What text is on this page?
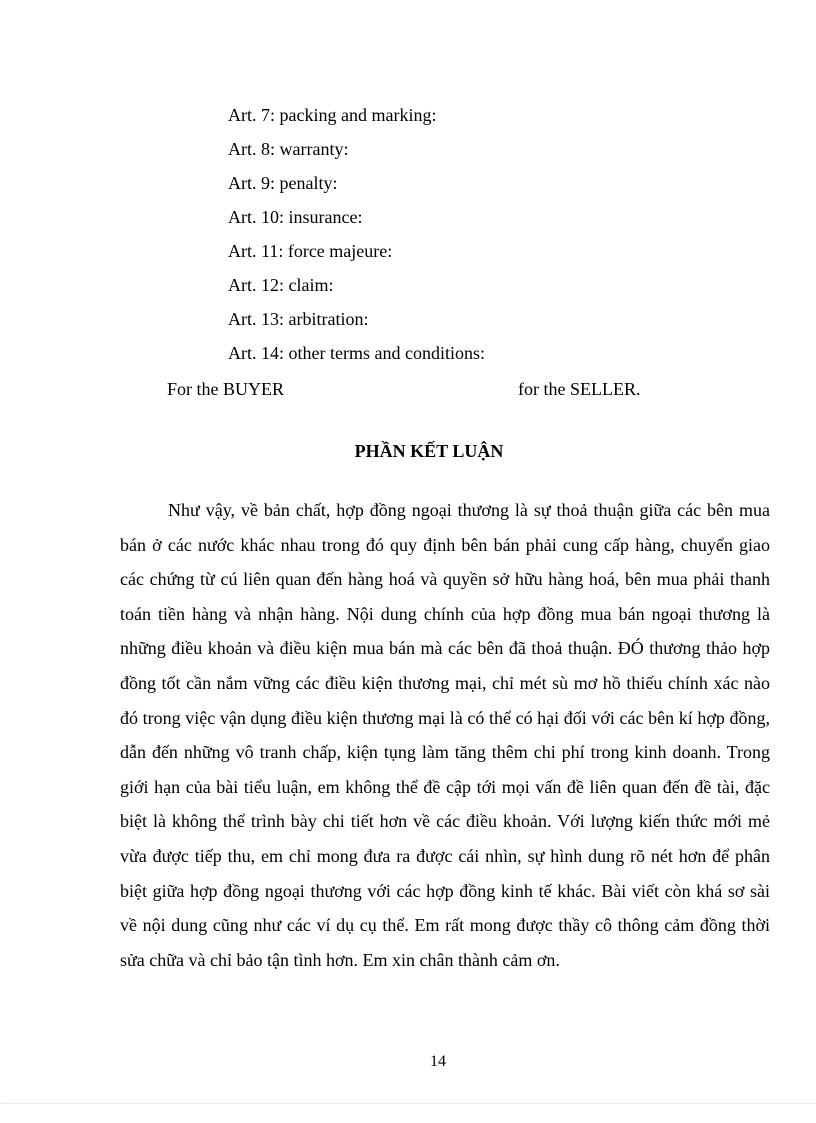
Art. 7: packing and marking:
Art. 8: warranty:
Art. 9: penalty:
Art. 10: insurance:
Art. 11: force majeure:
Art. 12: claim:
Art. 13: arbitration:
Art. 14: other terms and conditions:
For the BUYER	for the SELLER.
PHẦN KẾT LUẬN

Như vậy, về bản chất, hợp đồng ngoại thương là sự thoả thuận giữa các bên mua bán ở các nước khác nhau trong đó quy định bên bán phải cung cấp hàng, chuyển giao các chứng từ cú liên quan đến hàng hoá và quyền sở hữu hàng hoá, bên mua phải thanh toán tiền hàng và nhận hàng. Nội dung chính của hợp đồng mua bán ngoại thương là những điều khoản và điều kiện mua bán mà các bên đã thoả thuận. ĐÓ thương thảo hợp đồng tốt cần nắm vững các điều kiện thương mại, chỉ mét sù mơ hồ thiếu chính xác nào đó trong việc vận dụng điều kiện thương mại là có thể có hại đối với các bên kí hợp đồng, dẫn đến những vô tranh chấp, kiện tụng làm tăng thêm chi phí trong kinh doanh. Trong giới hạn của bài tiểu luận, em không thể đề cập tới mọi vấn đề liên quan đến đề tài, đặc biệt là không thể trình bày chi tiết hơn về các điều khoản. Với lượng kiến thức mới mẻ vừa được tiếp thu, em chỉ mong đưa ra được cái nhìn, sự hình dung rõ nét hơn để phân biệt giữa hợp đồng ngoại thương với các hợp đồng kinh tế khác. Bài viết còn khá sơ sài về nội dung cũng như các ví dụ cụ thể. Em rất mong được thầy cô thông cảm đồng thời sửa chữa và chỉ bảo tận tình hơn. Em xin chân thành cảm ơn.

14
